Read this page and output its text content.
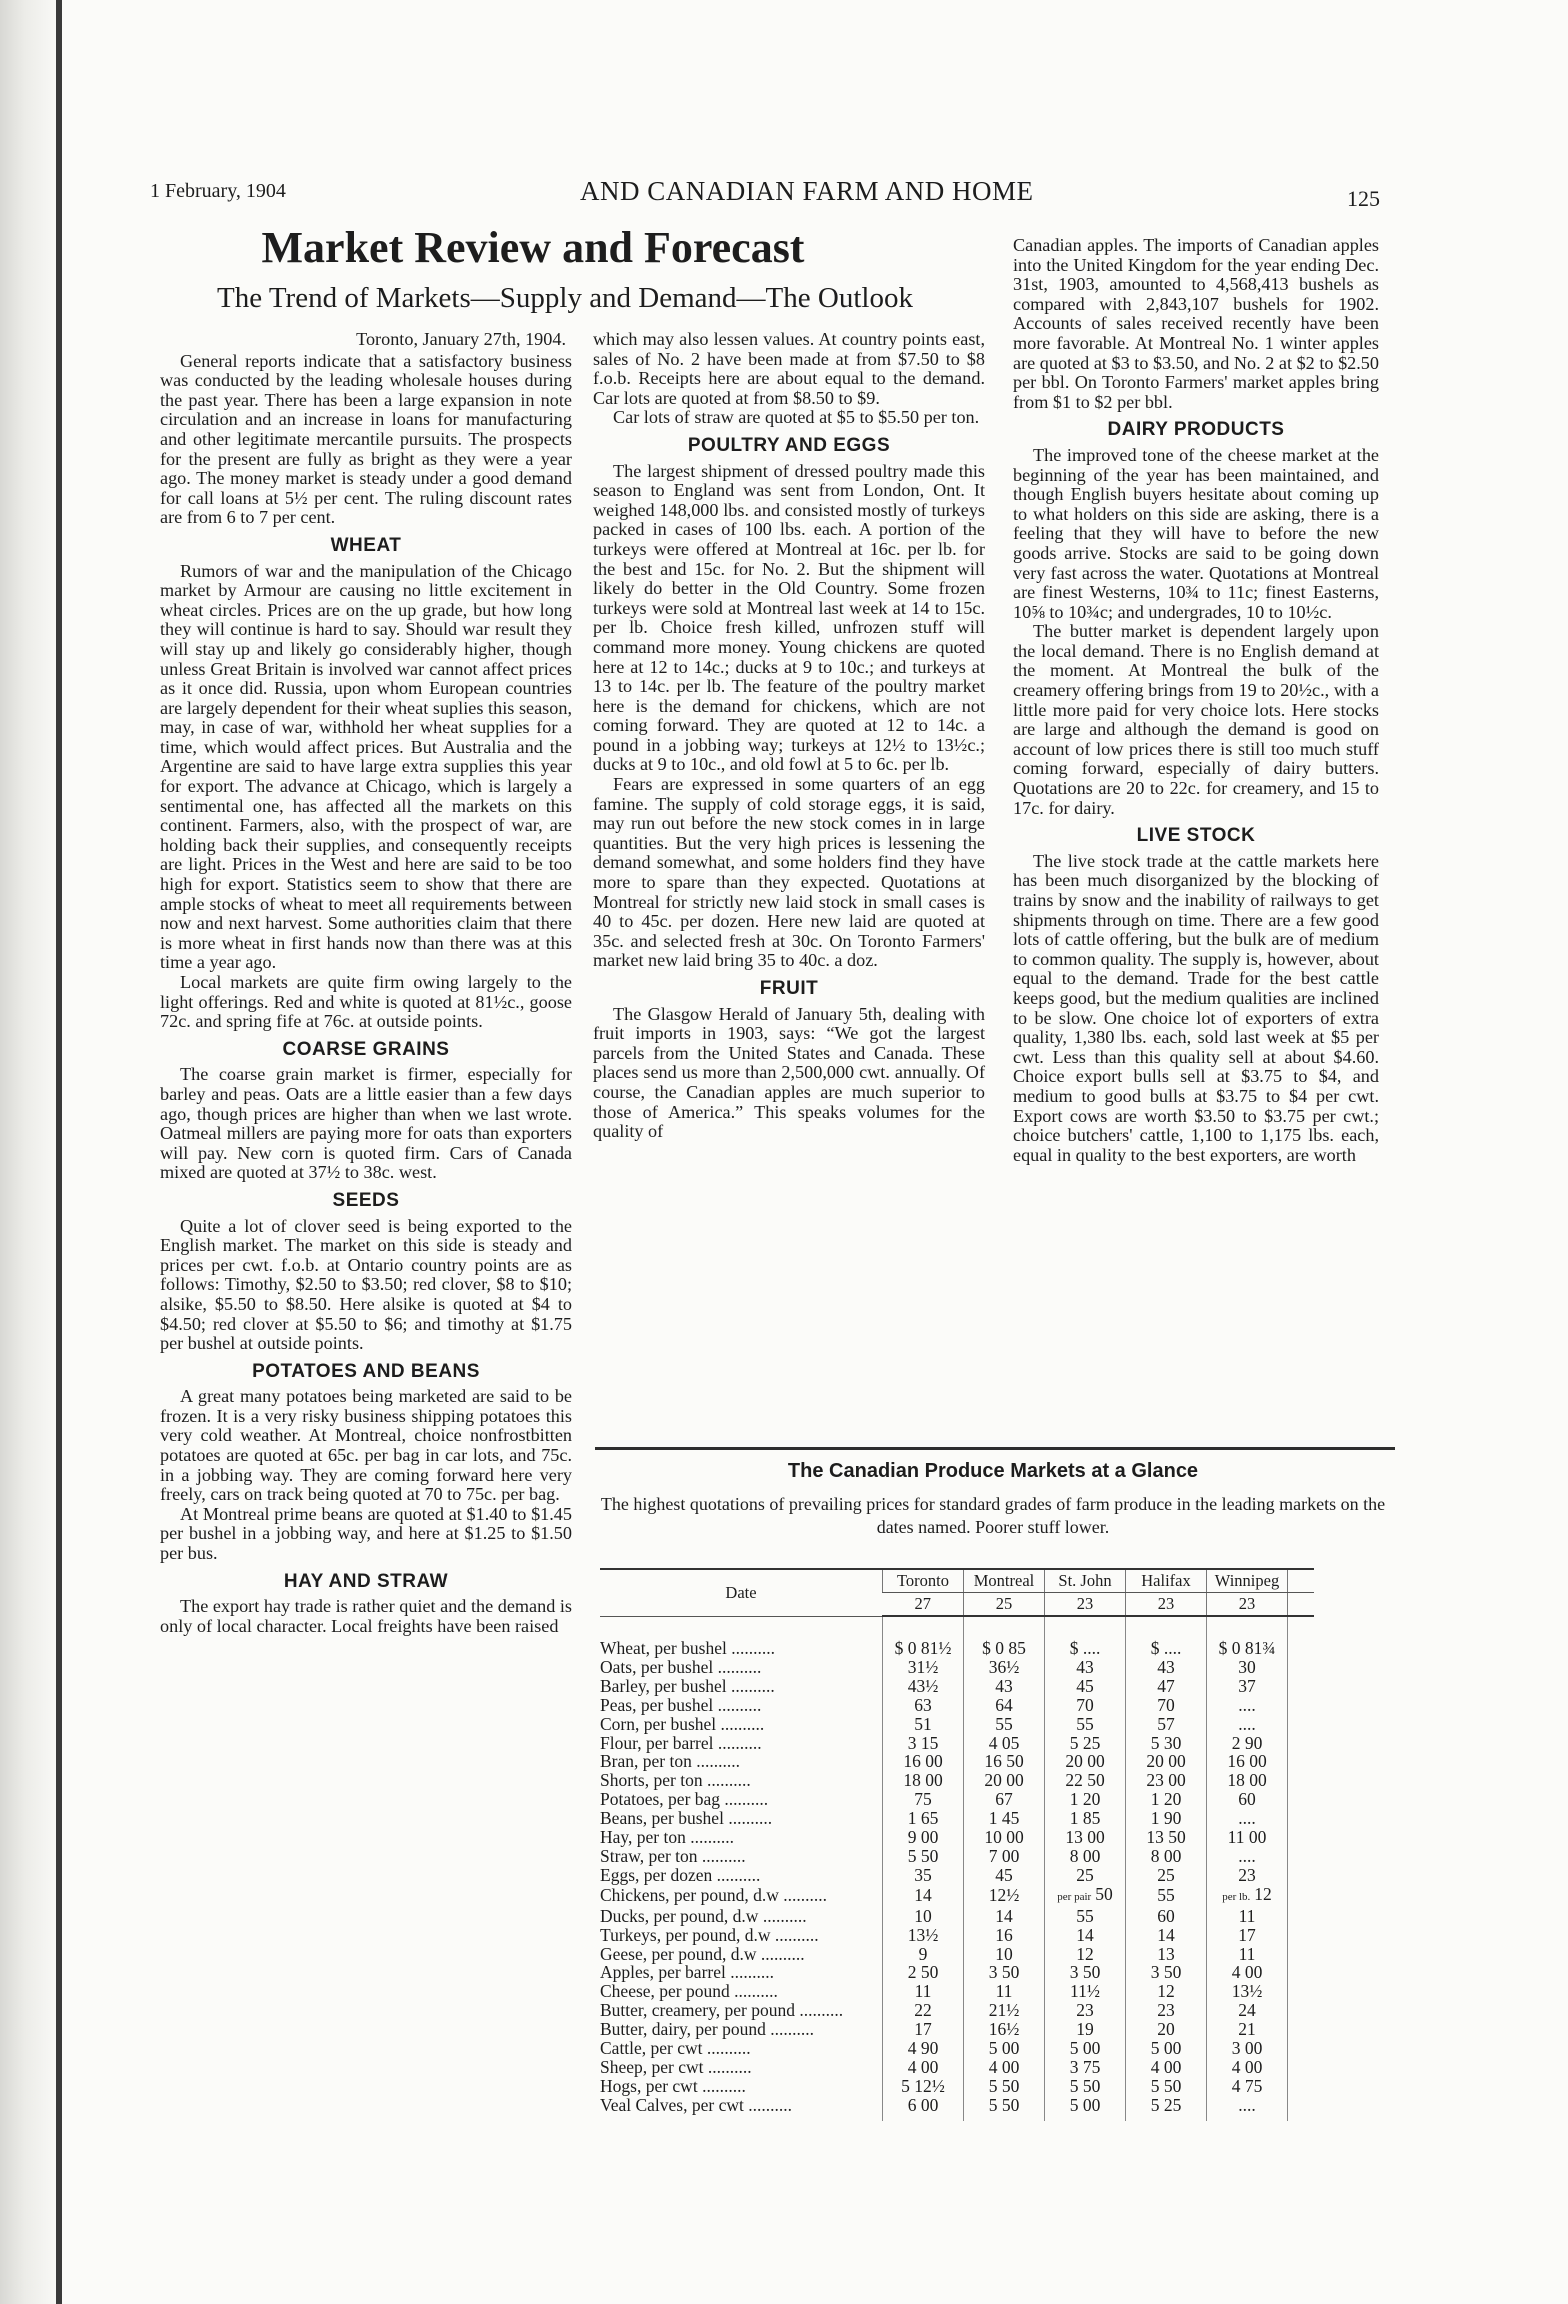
1 February, 1904	AND CANADIAN FARM AND HOME	125
Market Review and Forecast
The Trend of Markets—Supply and Demand—The Outlook

Toronto, January 27th, 1904.

General reports indicate that a satisfactory business was conducted by the leading wholesale houses during the past year. There has been a large expansion in note circulation and an increase in loans for manufacturing and other legitimate mercantile pursuits. The prospects for the present are fully as bright as they were a year ago. The money market is steady under a good demand for call loans at 5½ per cent. The ruling discount rates are from 6 to 7 per cent.

WHEAT

Rumors of war and the manipulation of the Chicago market by Armour are causing no little excitement in wheat circles. Prices are on the up grade, but how long they will continue is hard to say. Should war result they will stay up and likely go considerably higher, though unless Great Britain is involved war cannot affect prices as it once did. Russia, upon whom European countries are largely dependent for their wheat suplies this season, may, in case of war, withhold her wheat supplies for a time, which would affect prices. But Australia and the Argentine are said to have large extra supplies this year for export. The advance at Chicago, which is largely a sentimental one, has affected all the markets on this continent. Farmers, also, with the prospect of war, are holding back their supplies, and consequently receipts are light. Prices in the West and here are said to be too high for export. Statistics seem to show that there are ample stocks of wheat to meet all requirements between now and next harvest. Some authorities claim that there is more wheat in first hands now than there was at this time a year ago.

Local markets are quite firm owing largely to the light offerings. Red and white is quoted at 81½c., goose 72c. and spring fife at 76c. at outside points.

COARSE GRAINS

The coarse grain market is firmer, especially for barley and peas. Oats are a little easier than a few days ago, though prices are higher than when we last wrote. Oatmeal millers are paying more for oats than exporters will pay. New corn is quoted firm. Cars of Canada mixed are quoted at 37½ to 38c. west.

SEEDS

Quite a lot of clover seed is being exported to the English market. The market on this side is steady and prices per cwt. f.o.b. at Ontario country points are as follows: Timothy, $2.50 to $3.50; red clover, $8 to $10; alsike, $5.50 to $8.50. Here alsike is quoted at $4 to $4.50; red clover at $5.50 to $6; and timothy at $1.75 per bushel at outside points.

POTATOES AND BEANS

A great many potatoes being marketed are said to be frozen. It is a very risky business shipping potatoes this very cold weather. At Montreal, choice nonfrostbitten potatoes are quoted at 65c. per bag in car lots, and 75c. in a jobbing way. They are coming forward here very freely, cars on track being quoted at 70 to 75c. per bag.

At Montreal prime beans are quoted at $1.40 to $1.45 per bushel in a jobbing way, and here at $1.25 to $1.50 per bus.

HAY AND STRAW

The export hay trade is rather quiet and the demand is only of local character. Local freights have been raised

which may also lessen values. At country points east, sales of No. 2 have been made at from $7.50 to $8 f.o.b. Receipts here are about equal to the demand. Car lots are quoted at from $8.50 to $9.

Car lots of straw are quoted at $5 to $5.50 per ton.

POULTRY AND EGGS

The largest shipment of dressed poultry made this season to England was sent from London, Ont. It weighed 148,000 lbs. and consisted mostly of turkeys packed in cases of 100 lbs. each. A portion of the turkeys were offered at Montreal at 16c. per lb. for the best and 15c. for No. 2. But the shipment will likely do better in the Old Country. Some frozen turkeys were sold at Montreal last week at 14 to 15c. per lb. Choice fresh killed, unfrozen stuff will command more money. Young chickens are quoted here at 12 to 14c.; ducks at 9 to 10c.; and turkeys at 13 to 14c. per lb. The feature of the poultry market here is the demand for chickens, which are not coming forward. They are quoted at 12 to 14c. a pound in a jobbing way; turkeys at 12½ to 13½c.; ducks at 9 to 10c., and old fowl at 5 to 6c. per lb.

Fears are expressed in some quarters of an egg famine. The supply of cold storage eggs, it is said, may run out before the new stock comes in in large quantities. But the very high prices is lessening the demand somewhat, and some holders find they have more to spare than they expected. Quotations at Montreal for strictly new laid stock in small cases is 40 to 45c. per dozen. Here new laid are quoted at 35c. and selected fresh at 30c. On Toronto Farmers' market new laid bring 35 to 40c. a doz.

FRUIT

The Glasgow Herald of January 5th, dealing with fruit imports in 1903, says: “We got the largest parcels from the United States and Canada. These places send us more than 2,500,000 cwt. annually. Of course, the Canadian apples are much superior to those of America.” This speaks volumes for the quality of

Canadian apples. The imports of Canadian apples into the United Kingdom for the year ending Dec. 31st, 1903, amounted to 4,568,413 bushels as compared with 2,843,107 bushels for 1902. Accounts of sales received recently have been more favorable. At Montreal No. 1 winter apples are quoted at $3 to $3.50, and No. 2 at $2 to $2.50 per bbl. On Toronto Farmers' market apples bring from $1 to $2 per bbl.

DAIRY PRODUCTS

The improved tone of the cheese market at the beginning of the year has been maintained, and though English buyers hesitate about coming up to what holders on this side are asking, there is a feeling that they will have to before the new goods arrive. Stocks are said to be going down very fast across the water. Quotations at Montreal are finest Westerns, 10¾ to 11c; finest Easterns, 10⅝ to 10¾c; and undergrades, 10 to 10½c.

The butter market is dependent largely upon the local demand. There is no English demand at the moment. At Montreal the bulk of the creamery offering brings from 19 to 20½c., with a little more paid for very choice lots. Here stocks are large and although the demand is good on account of low prices there is still too much stuff coming forward, especially of dairy butters. Quotations are 20 to 22c. for creamery, and 15 to 17c. for dairy.

LIVE STOCK

The live stock trade at the cattle markets here has been much disorganized by the blocking of trains by snow and the inability of railways to get shipments through on time. There are a few good lots of cattle offering, but the bulk are of medium to common quality. The supply is, however, about equal to the demand. Trade for the best cattle keeps good, but the medium qualities are inclined to be slow. One choice lot of exporters of extra quality, 1,380 lbs. each, sold last week at $5 per cwt. Less than this quality sell at about $4.60. Choice export bulls sell at $3.75 to $4, and medium to good bulls at $3.75 to $4 per cwt. Export cows are worth $3.50 to $3.75 per cwt.; choice butchers' cattle, 1,100 to 1,175 lbs. each, equal in quality to the best exporters, are worth

The Canadian Produce Markets at a Glance

The highest quotations of prevailing prices for standard grades of farm produce in the leading markets on the dates named. Poorer stuff lower.

Date	Toronto	Montreal	St. John	Halifax	Winnipeg	
	27	25	23	23	23	
Wheat, per bushel ..........	$ 0 81½	$ 0 85	$ ....	$ ....	$ 0 81¾	
Oats, per bushel ..........	31½	36½	43	43	30	
Barley, per bushel ..........	43½	43	45	47	37	
Peas, per bushel ..........	63	64	70	70	....	
Corn, per bushel ..........	51	55	55	57	....	
Flour, per barrel ..........	3 15	4 05	5 25	5 30	2 90	
Bran, per ton ..........	16 00	16 50	20 00	20 00	16 00	
Shorts, per ton ..........	18 00	20 00	22 50	23 00	18 00	
Potatoes, per bag ..........	75	67	1 20	1 20	60	
Beans, per bushel ..........	1 65	1 45	1 85	1 90	....	
Hay, per ton ..........	9 00	10 00	13 00	13 50	11 00	
Straw, per ton ..........	5 50	7 00	8 00	8 00	....	
Eggs, per dozen ..........	35	45	25	25	23	
Chickens, per pound, d.w ..........	14	12½	per pair 50	55	per lb. 12	
Ducks, per pound, d.w ..........	10	14	55	60	11	
Turkeys, per pound, d.w ..........	13½	16	14	14	17	
Geese, per pound, d.w ..........	9	10	12	13	11	
Apples, per barrel ..........	2 50	3 50	3 50	3 50	4 00	
Cheese, per pound ..........	11	11	11½	12	13½	
Butter, creamery, per pound ..........	22	21½	23	23	24	
Butter, dairy, per pound ..........	17	16½	19	20	21	
Cattle, per cwt ..........	4 90	5 00	5 00	5 00	3 00	
Sheep, per cwt ..........	4 00	4 00	3 75	4 00	4 00	
Hogs, per cwt ..........	5 12½	5 50	5 50	5 50	4 75	
Veal Calves, per cwt ..........	6 00	5 50	5 00	5 25	....	
